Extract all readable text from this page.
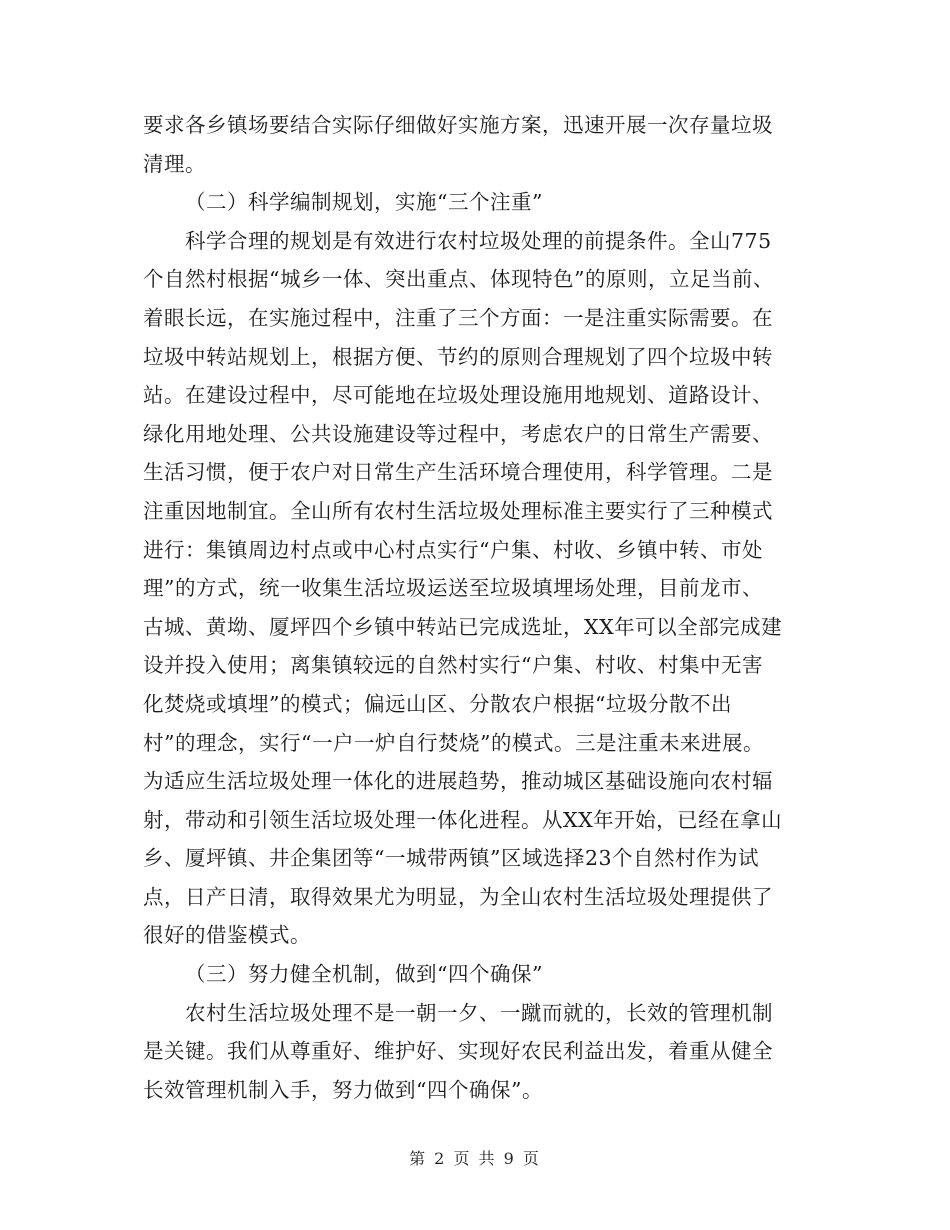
要求各乡镇场要结合实际仔细做好实施方案，迅速开展一次存量垃圾
清理。
（二）科学编制规划，实施“三个注重”
科学合理的规划是有效进行农村垃圾处理的前提条件。全山775
个自然村根据“城乡一体、突出重点、体现特色”的原则，立足当前、
着眼长远，在实施过程中，注重了三个方面：一是注重实际需要。在
垃圾中转站规划上，根据方便、节约的原则合理规划了四个垃圾中转
站。在建设过程中，尽可能地在垃圾处理设施用地规划、道路设计、
绿化用地处理、公共设施建设等过程中，考虑农户的日常生产需要、
生活习惯，便于农户对日常生产生活环境合理使用，科学管理。二是
注重因地制宜。全山所有农村生活垃圾处理标准主要实行了三种模式
进行：集镇周边村点或中心村点实行“户集、村收、乡镇中转、市处
理”的方式，统一收集生活垃圾运送至垃圾填埋场处理，目前龙市、
古城、黄坳、厦坪四个乡镇中转站已完成选址，XX年可以全部完成建
设并投入使用；离集镇较远的自然村实行“户集、村收、村集中无害
化焚烧或填埋”的模式；偏远山区、分散农户根据“垃圾分散不出
村”的理念，实行“一户一炉自行焚烧”的模式。三是注重未来进展。
为适应生活垃圾处理一体化的进展趋势，推动城区基础设施向农村辐
射，带动和引领生活垃圾处理一体化进程。从XX年开始，已经在拿山
乡、厦坪镇、井企集团等“一城带两镇”区域选择23个自然村作为试
点，日产日清，取得效果尤为明显，为全山农村生活垃圾处理提供了
很好的借鉴模式。
（三）努力健全机制，做到“四个确保”
农村生活垃圾处理不是一朝一夕、一蹴而就的，长效的管理机制
是关键。我们从尊重好、维护好、实现好农民利益出发，着重从健全
长效管理机制入手，努力做到“四个确保”。
第 2 页 共 9 页
